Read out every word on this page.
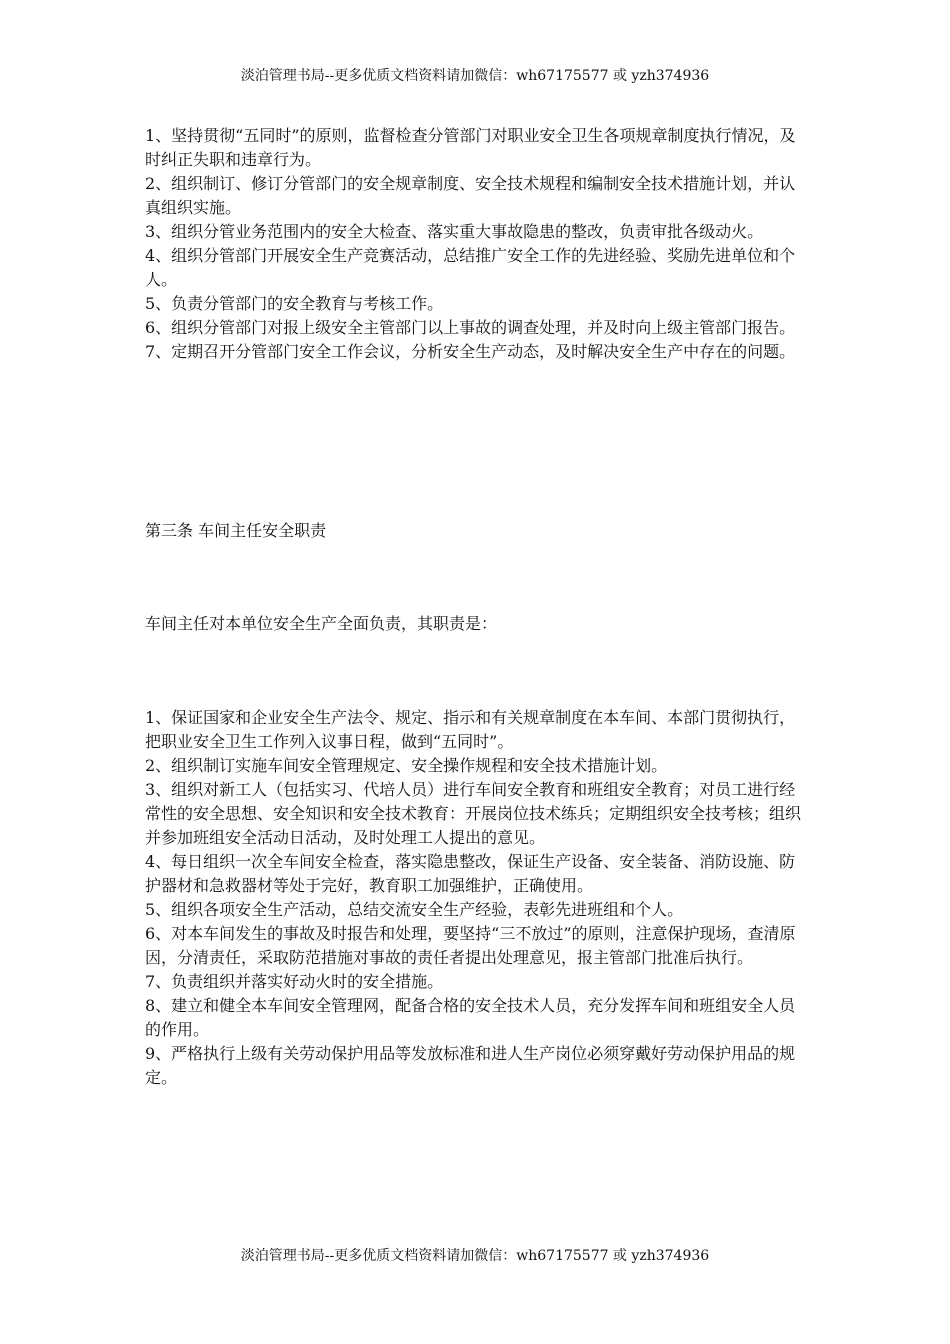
淡泊管理书局--更多优质文档资料请加微信：wh67175577 或 yzh374936

1、坚持贯彻“五同时”的原则，监督检查分管部门对职业安全卫生各项规章制度执行情况，及时纠正失职和违章行为。

2、组织制订、修订分管部门的安全规章制度、安全技术规程和编制安全技术措施计划，并认真组织实施。

3、组织分管业务范围内的安全大检查、落实重大事故隐患的整改，负责审批各级动火。

4、组织分管部门开展安全生产竞赛活动，总结推广安全工作的先进经验、奖励先进单位和个人。

5、负责分管部门的安全教育与考核工作。

6、组织分管部门对报上级安全主管部门以上事故的调查处理，并及时向上级主管部门报告。

7、定期召开分管部门安全工作会议，分析安全生产动态，及时解决安全生产中存在的问题。

第三条 车间主任安全职责
车间主任对本单位安全生产全面负责，其职责是：

1、保证国家和企业安全生产法令、规定、指示和有关规章制度在本车间、本部门贯彻执行，把职业安全卫生工作列入议事日程，做到“五同时”。

2、组织制订实施车间安全管理规定、安全操作规程和安全技术措施计划。

3、组织对新工人（包括实习、代培人员）进行车间安全教育和班组安全教育；对员工进行经常性的安全思想、安全知识和安全技术教育：开展岗位技术练兵；定期组织安全技考核；组织并参加班组安全活动日活动，及时处理工人提出的意见。

4、每日组织一次全车间安全检查，落实隐患整改，保证生产设备、安全装备、消防设施、防护器材和急救器材等处于完好，教育职工加强维护，正确使用。

5、组织各项安全生产活动，总结交流安全生产经验，表彰先进班组和个人。

6、对本车间发生的事故及时报告和处理，要坚持“三不放过”的原则，注意保护现场，查清原因，分清责任，采取防范措施对事故的责任者提出处理意见，报主管部门批准后执行。

7、负责组织并落实好动火时的安全措施。

8、建立和健全本车间安全管理网，配备合格的安全技术人员，充分发挥车间和班组安全人员的作用。

9、严格执行上级有关劳动保护用品等发放标准和进人生产岗位必须穿戴好劳动保护用品的规定。

淡泊管理书局--更多优质文档资料请加微信：wh67175577 或 yzh374936
